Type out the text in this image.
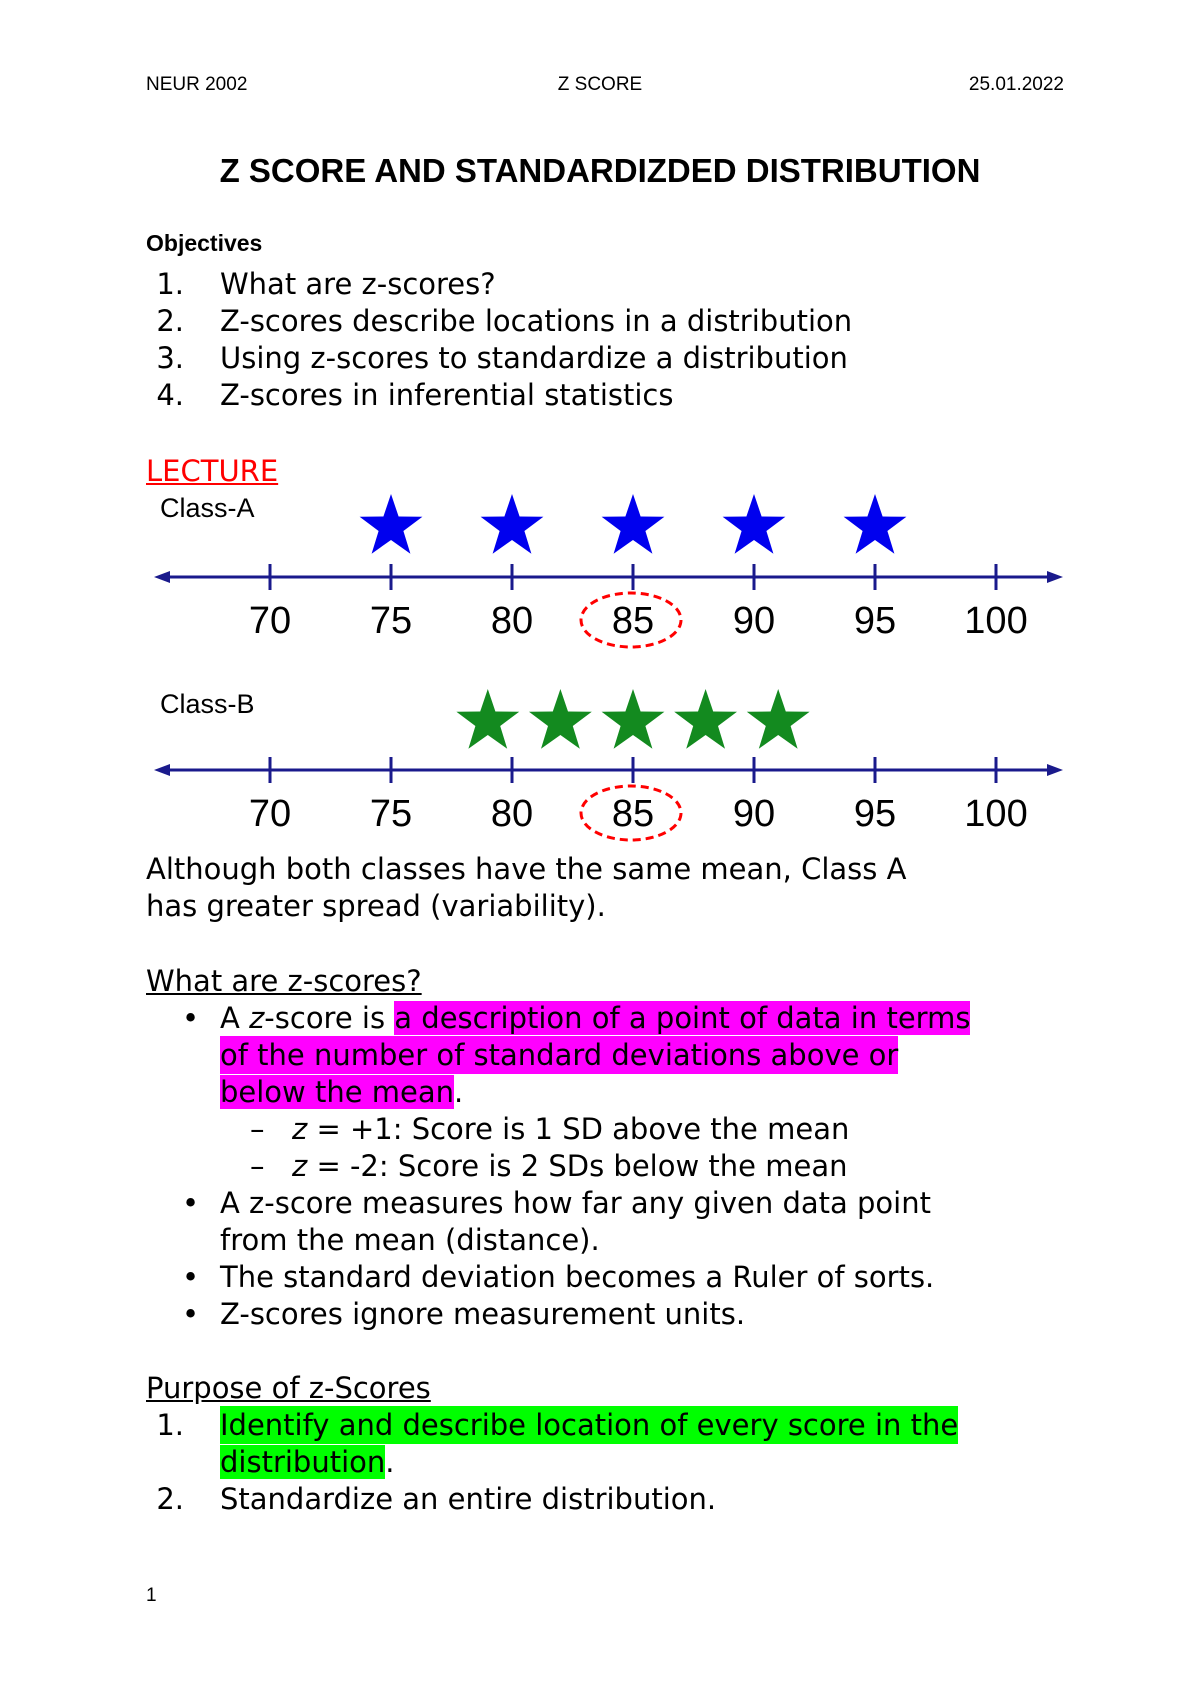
NEUR 2002	Z SCORE	25.01.2022
Z SCORE AND STANDARDIZDED DISTRIBUTION
Objectives
1. What are z-scores?
2. Z-scores describe locations in a distribution
3. Using z-scores to standardize a distribution
4. Z-scores in inferential statistics
LECTURE
Class-A
70 75 80 85 90 95 100
Class-B
70 75 80 85 90 95 100
Although both classes have the same mean, Class A
has greater spread (variability).
What are z-scores?
• A z-score is a description of a point of data in terms
of the number of standard deviations above or
below the mean.
– z = +1: Score is 1 SD above the mean
– z = -2: Score is 2 SDs below the mean
• A z-score measures how far any given data point
from the mean (distance).
• The standard deviation becomes a Ruler of sorts.
• Z-scores ignore measurement units.
Purpose of z-Scores
1. Identify and describe location of every score in the
distribution.
2. Standardize an entire distribution.
1
